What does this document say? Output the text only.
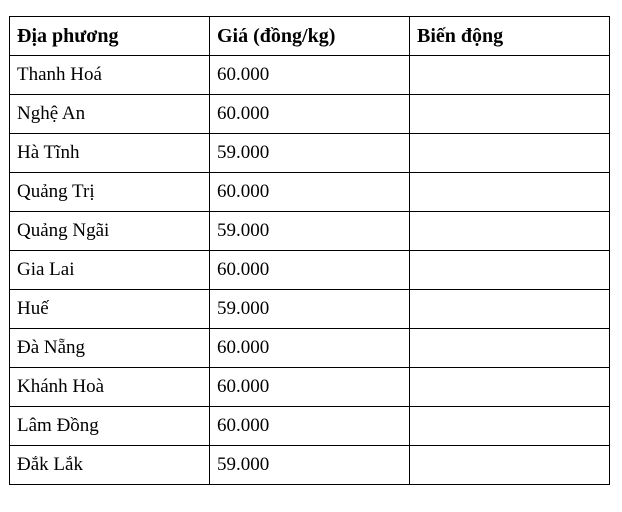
Địa phương	Giá (đồng/kg)	Biến động
Thanh Hoá	60.000	
Nghệ An	60.000	
Hà Tĩnh	59.000	
Quảng Trị	60.000	
Quảng Ngãi	59.000	
Gia Lai	60.000	
Huế	59.000	
Đà Nẵng	60.000	
Khánh Hoà	60.000	
Lâm Đồng	60.000	
Đắk Lắk	59.000	
